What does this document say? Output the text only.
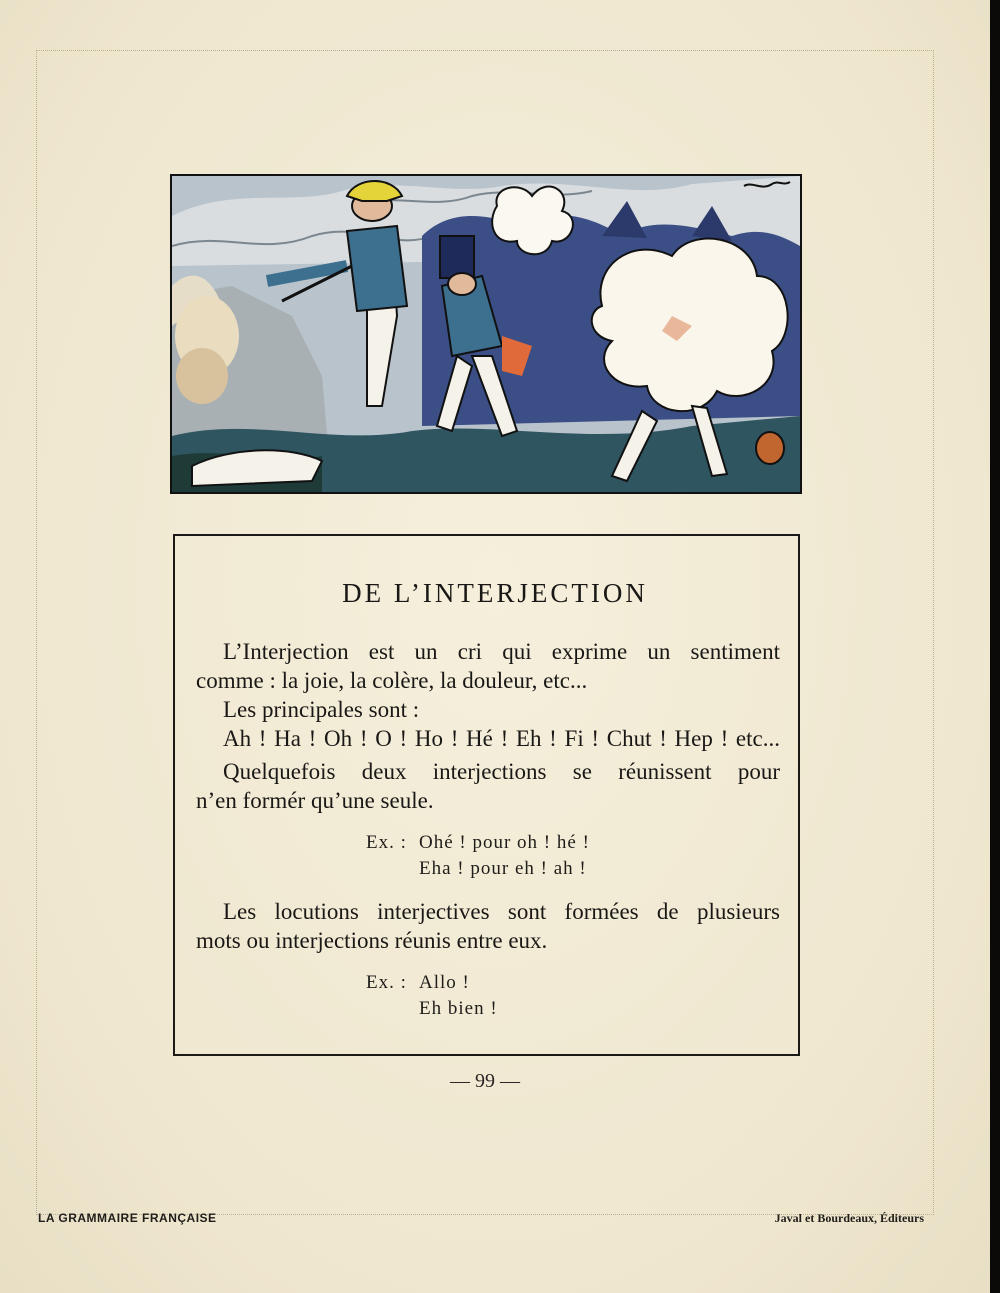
DE L’INTERJECTION

L’Interjection est un cri qui exprime un sentiment
comme : la joie, la colère, la douleur, etc...

Les principales sont :

Ah ! Ha ! Oh ! O ! Ho ! Hé ! Eh ! Fi ! Chut ! Hep ! etc...

Quelquefois deux interjections se réunissent pour
n’en formér qu’une seule.

Ex. : Ohé ! pour oh ! hé !
Eha ! pour eh ! ah !

Les locutions interjectives sont formées de plusieurs
mots ou interjections réunis entre eux.

Ex. : Allo !
Eh bien !
— 99 —
LA GRAMMAIRE FRANÇAISE	Javal et Bourdeaux, Éditeurs
